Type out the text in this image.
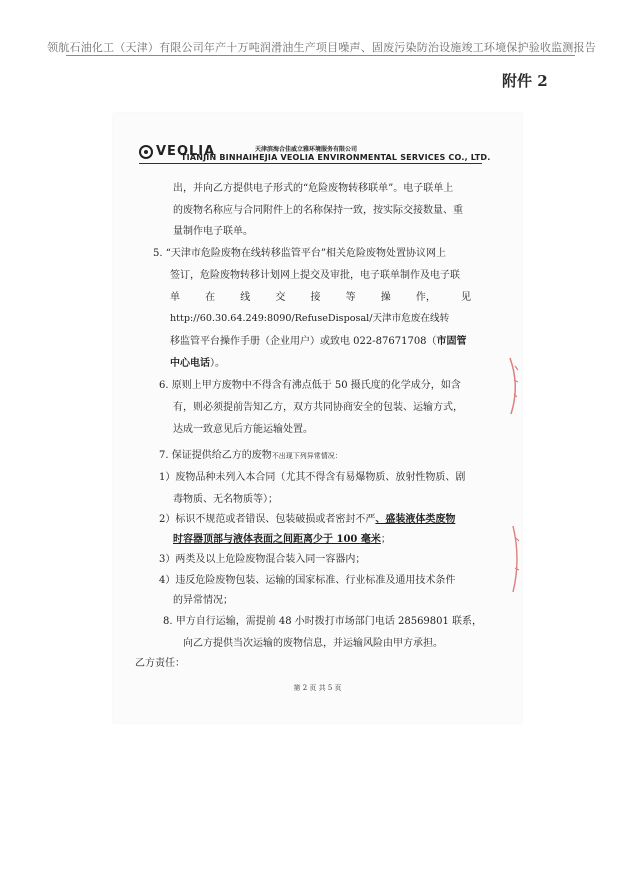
领航石油化工（天津）有限公司年产十万吨润滑油生产项目噪声、固废污染防治设施竣工环境保护验收监测报告
附件 2
VEOLIA	天津滨海合佳威立雅环境服务有限公司
TIANJIN BINHAIHEJIA VEOLIA ENVIRONMENTAL SERVICES CO., LTD.
出，并向乙方提供电子形式的“危险废物转移联单”。电子联单上
的废物名称应与合同附件上的名称保持一致，按实际交接数量、重
量制作电子联单。
5. “天津市危险废物在线转移监管平台”相关危险废物处置协议网上
签订，危险废物转移计划网上提交及审批，电子联单制作及电子联
单	在	线	交	接	等	操	作，	见
http://60.30.64.249:8090/RefuseDisposal/天津市危废在线转
移监管平台操作手册（企业用户）或致电 022-87671708（市固管
中心电话）。
6. 原则上甲方废物中不得含有沸点低于 50 摄氏度的化学成分，如含
有，则必须提前告知乙方，双方共同协商安全的包装、运输方式，
达成一致意见后方能运输处置。
7. 保证提供给乙方的废物不出现下列异常情况：
1）废物品种未列入本合同（尤其不得含有易爆物质、放射性物质、剧
毒物质、无名物质等）；
2）标识不规范或者错误、包装破损或者密封不严、盛装液体类废物
时容器顶部与液体表面之间距离少于 100 毫米；
3）两类及以上危险废物混合装入同一容器内；
4）违反危险废物包装、运输的国家标准、行业标准及通用技术条件
的异常情况；
8. 甲方自行运输，需提前 48 小时拨打市场部门电话 28569801 联系，
向乙方提供当次运输的废物信息，并运输风险由甲方承担。
乙方责任：
第 2 页 共 5 页
